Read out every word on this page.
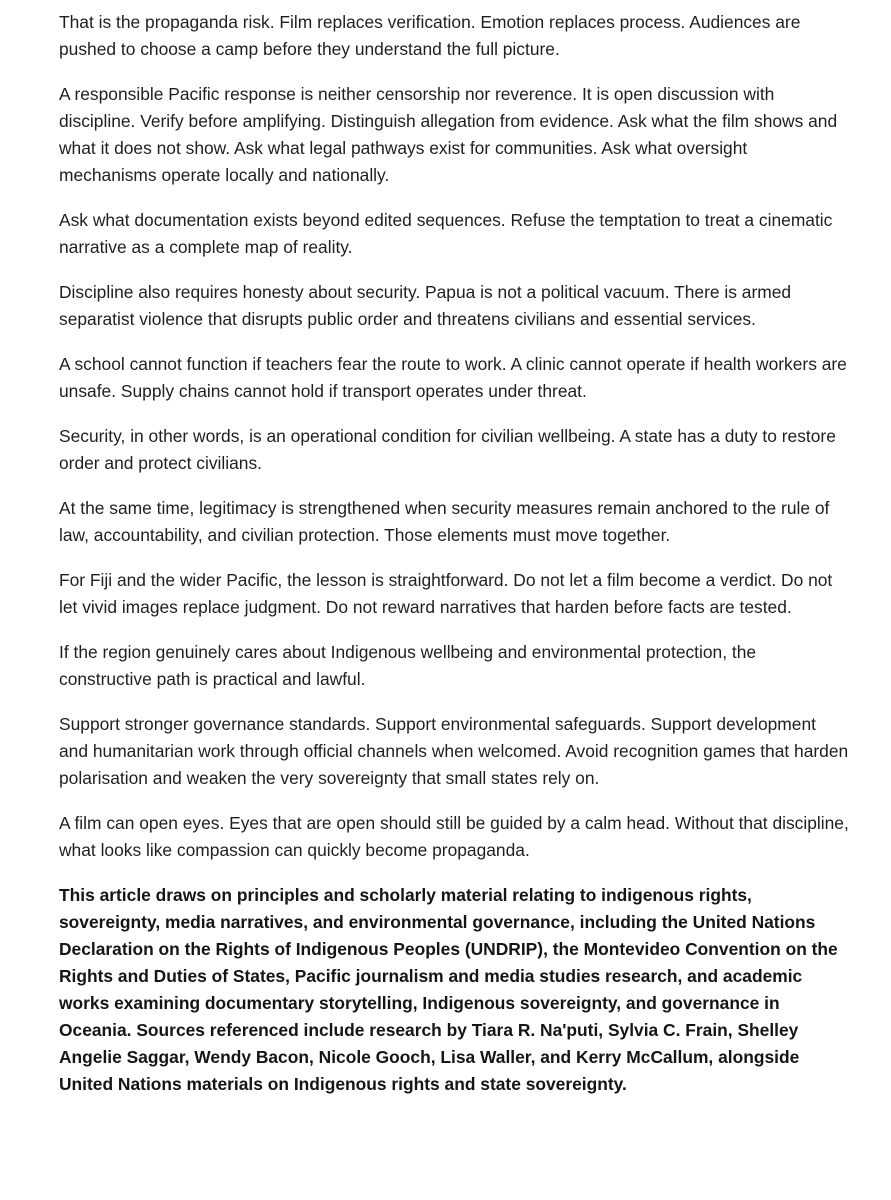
That is the propaganda risk. Film replaces verification. Emotion replaces process. Audiences are pushed to choose a camp before they understand the full picture.

A responsible Pacific response is neither censorship nor reverence. It is open discussion with discipline. Verify before amplifying. Distinguish allegation from evidence. Ask what the film shows and what it does not show. Ask what legal pathways exist for communities. Ask what oversight mechanisms operate locally and nationally.

Ask what documentation exists beyond edited sequences. Refuse the temptation to treat a cinematic narrative as a complete map of reality.

Discipline also requires honesty about security. Papua is not a political vacuum. There is armed separatist violence that disrupts public order and threatens civilians and essential services.

A school cannot function if teachers fear the route to work. A clinic cannot operate if health workers are unsafe. Supply chains cannot hold if transport operates under threat.

Security, in other words, is an operational condition for civilian wellbeing. A state has a duty to restore order and protect civilians.

At the same time, legitimacy is strengthened when security measures remain anchored to the rule of law, accountability, and civilian protection. Those elements must move together.

For Fiji and the wider Pacific, the lesson is straightforward. Do not let a film become a verdict. Do not let vivid images replace judgment. Do not reward narratives that harden before facts are tested.

If the region genuinely cares about Indigenous wellbeing and environmental protection, the constructive path is practical and lawful.

Support stronger governance standards. Support environmental safeguards. Support development and humanitarian work through official channels when welcomed. Avoid recognition games that harden polarisation and weaken the very sovereignty that small states rely on.

A film can open eyes. Eyes that are open should still be guided by a calm head. Without that discipline, what looks like compassion can quickly become propaganda.

This article draws on principles and scholarly material relating to indigenous rights, sovereignty, media narratives, and environmental governance, including the United Nations Declaration on the Rights of Indigenous Peoples (UNDRIP), the Montevideo Convention on the Rights and Duties of States, Pacific journalism and media studies research, and academic works examining documentary storytelling, Indigenous sovereignty, and governance in Oceania. Sources referenced include research by Tiara R. Na'puti, Sylvia C. Frain, Shelley Angelie Saggar, Wendy Bacon, Nicole Gooch, Lisa Waller, and Kerry McCallum, alongside United Nations materials on Indigenous rights and state sovereignty.
